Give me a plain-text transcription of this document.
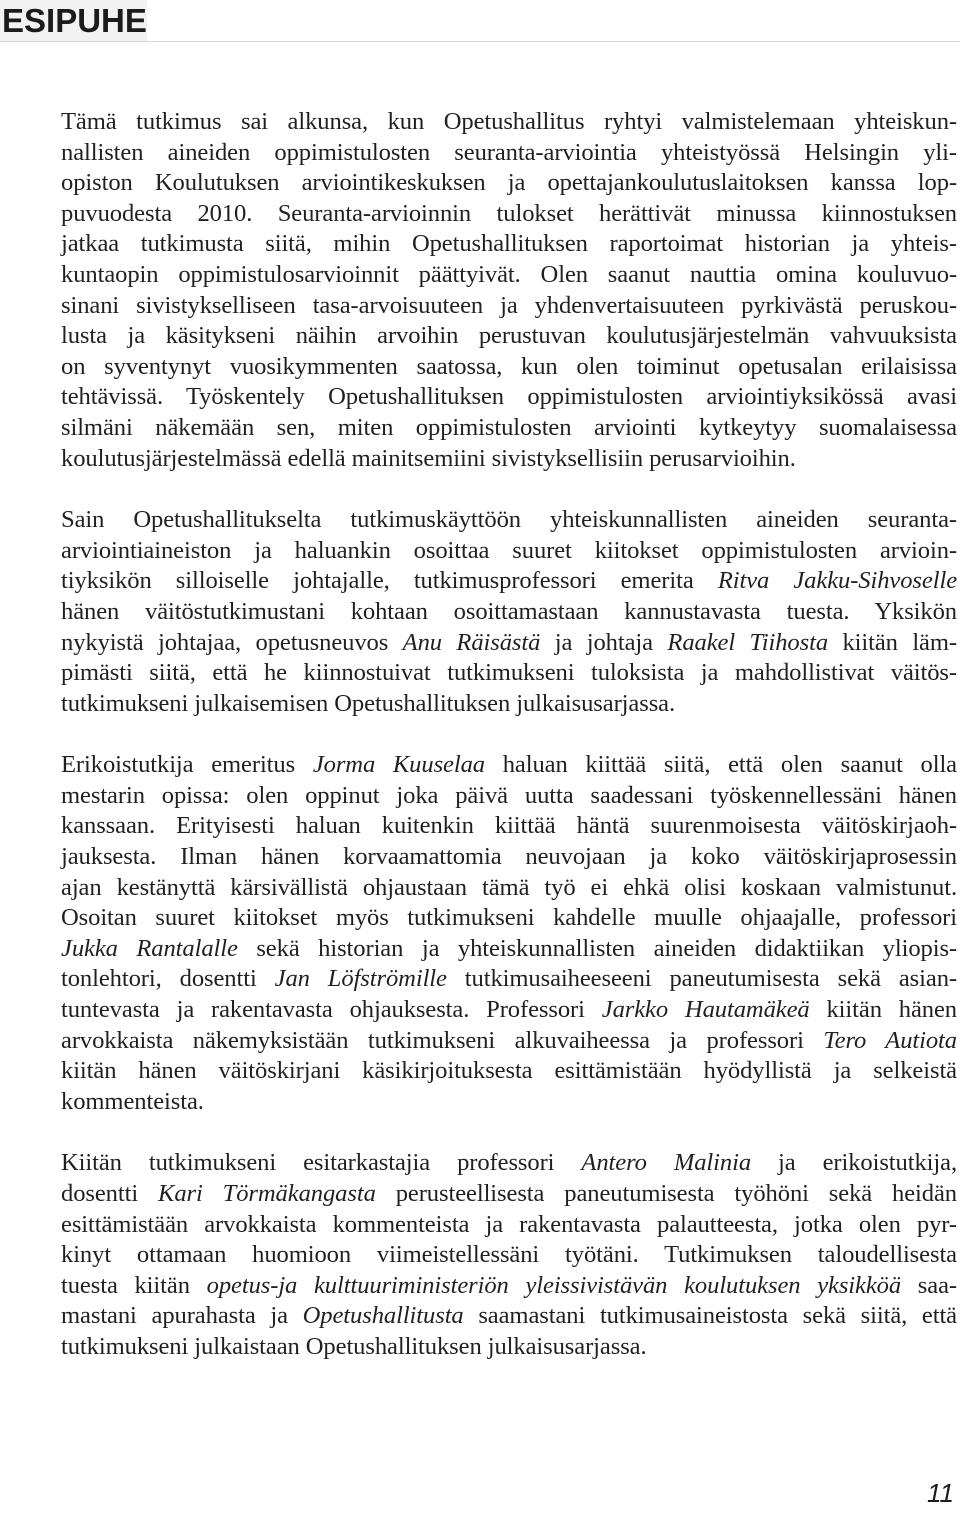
ESIPUHE

Tämä tutkimus sai alkunsa, kun Opetushallitus ryhtyi valmistelemaan yhteiskun-
nallisten aineiden oppimistulosten seuranta-arviointia yhteistyössä Helsingin yli-
opiston Koulutuksen arviointikeskuksen ja opettajankoulutuslaitoksen kanssa lop-
puvuodesta 2010. Seuranta-arvioinnin tulokset herättivät minussa kiinnostuksen
jatkaa tutkimusta siitä, mihin Opetushallituksen raportoimat historian ja yhteis-
kuntaopin oppimistulosarvioinnit päättyivät. Olen saanut nauttia omina kouluvuo-
sinani sivistykselliseen tasa-arvoisuuteen ja yhdenvertaisuuteen pyrkivästä peruskou-
lusta ja käsitykseni näihin arvoihin perustuvan koulutusjärjestelmän vahvuuksista
on syventynyt vuosikymmenten saatossa, kun olen toiminut opetusalan erilaisissa
tehtävissä. Työskentely Opetushallituksen oppimistulosten arviointiyksikössä avasi
silmäni näkemään sen, miten oppimistulosten arviointi kytkeytyy suomalaisessa
koulutusjärjestelmässä edellä mainitsemiini sivistyksellisiin perusarvioihin.

Sain Opetushallitukselta tutkimuskäyttöön yhteiskunnallisten aineiden seuranta-
arviointiaineiston ja haluankin osoittaa suuret kiitokset oppimistulosten arvioin-
tiyksikön silloiselle johtajalle, tutkimusprofessori emerita Ritva Jakku-Sihvoselle
hänen väitöstutkimustani kohtaan osoittamastaan kannustavasta tuesta. Yksikön
nykyistä johtajaa, opetusneuvos Anu Räisästä ja johtaja Raakel Tiihosta kiitän läm-
pimästi siitä, että he kiinnostuivat tutkimukseni tuloksista ja mahdollistivat väitös-
tutkimukseni julkaisemisen Opetushallituksen julkaisusarjassa.

Erikoistutkija emeritus Jorma Kuuselaa haluan kiittää siitä, että olen saanut olla
mestarin opissa: olen oppinut joka päivä uutta saadessani työskennellessäni hänen
kanssaan. Erityisesti haluan kuitenkin kiittää häntä suurenmoisesta väitöskirjaoh-
jauksesta. Ilman hänen korvaamattomia neuvojaan ja koko väitöskirjaprosessin
ajan kestänyttä kärsivällistä ohjaustaan tämä työ ei ehkä olisi koskaan valmistunut.
Osoitan suuret kiitokset myös tutkimukseni kahdelle muulle ohjaajalle, professori
Jukka Rantalalle sekä historian ja yhteiskunnallisten aineiden didaktiikan yliopis-
tonlehtori, dosentti Jan Löfströmille tutkimusaiheeseeni paneutumisesta sekä asian-
tuntevasta ja rakentavasta ohjauksesta. Professori Jarkko Hautamäkeä kiitän hänen
arvokkaista näkemyksistään tutkimukseni alkuvaiheessa ja professori Tero Autiota
kiitän hänen väitöskirjani käsikirjoituksesta esittämistään hyödyllistä ja selkeistä
kommenteista.

Kiitän tutkimukseni esitarkastajia professori Antero Malinia ja erikoistutkija,
dosentti Kari Törmäkangasta perusteellisesta paneutumisesta työhöni sekä heidän
esittämistään arvokkaista kommenteista ja rakentavasta palautteesta, jotka olen pyr-
kinyt ottamaan huomioon viimeistellessäni työtäni. Tutkimuksen taloudellisesta
tuesta kiitän opetus-ja kulttuuriministeriön yleissivistävän koulutuksen yksikköä saa-
mastani apurahasta ja Opetushallitusta saamastani tutkimusaineistosta sekä siitä, että
tutkimukseni julkaistaan Opetushallituksen julkaisusarjassa.

11
